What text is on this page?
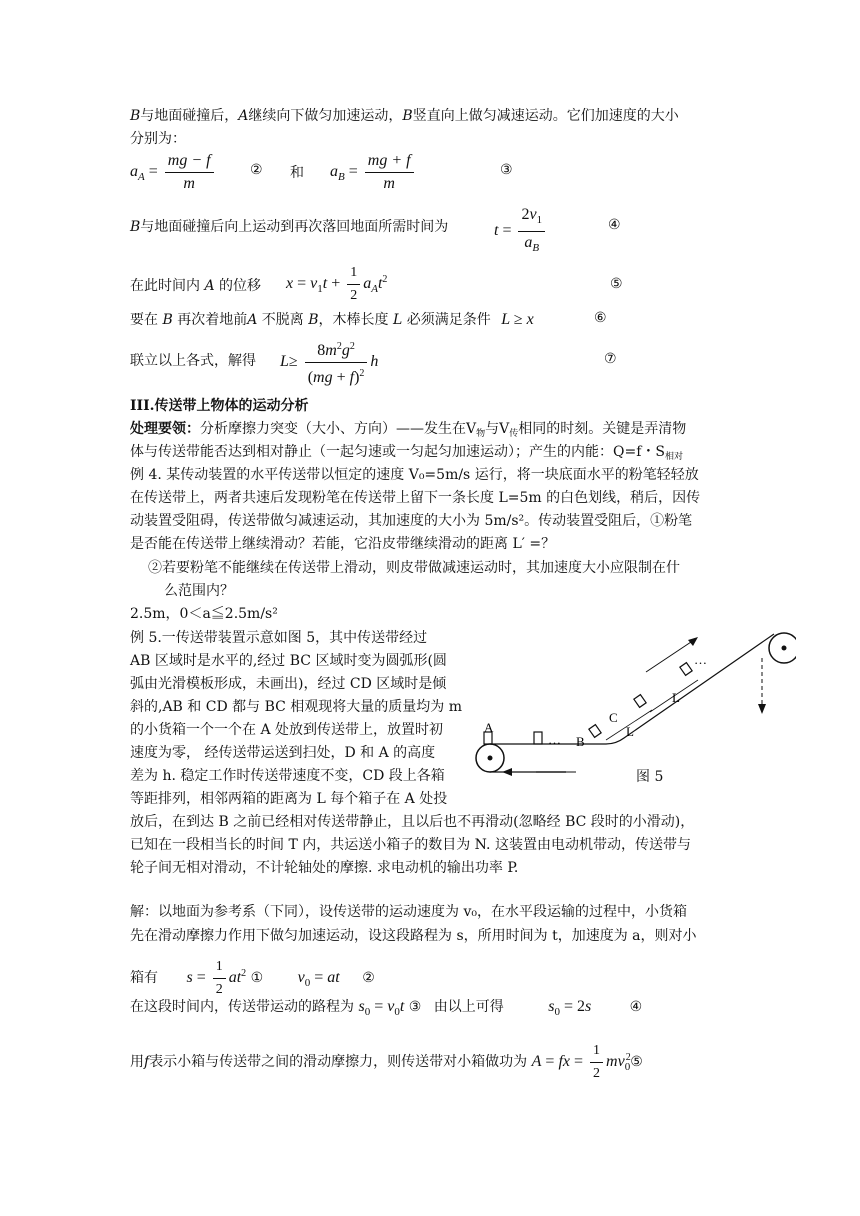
B与地面碰撞后，A继续向下做匀加速运动，B竖直向上做匀减速运动。它们加速度的大小
分别为：
$a_A = \frac{mg - f}{m}$	② 和 $a_B = \frac{mg + f}{m}$	③
B与地面碰撞后向上运动到再次落回地面所需时间为	$t = \frac{2v_1}{a_B}$	④
在此时间内 A 的位移 $x = v_1t + \frac{1}{2} a_At^2$	⑤
要在 B 再次着地前A 不脱离 B，木棒长度 L 必须满足条件 L ≥ x	⑥
联立以上各式，解得 $L\ge \frac{8m^2g^2}{(mg + f)^2}$ h	⑦
III.传送带上物体的运动分析
处理要领：分析摩擦力突变（大小、方向）——发生在$V_物$与$V_传$相同的时刻。关键是弄清物
体与传送带能否达到相对静止（一起匀速或一匀起匀加速运动）；产生的内能：Q=f・$S_{相对}$
例 4. 某传动装置的水平传送带以恒定的速度 V₀=5m/s 运行，将一块底面水平的粉笔轻轻放
在传送带上，两者共速后发现粉笔在传送带上留下一条长度 L=5m 的白色划线，稍后，因传
动装置受阻碍，传送带做匀减速运动，其加速度的大小为 5m/s²。传动装置受阻后，①粉笔
是否能在传送带上继续滑动？若能，它沿皮带继续滑动的距离 L′ =？
②若要粉笔不能继续在传送带上滑动，则皮带做减速运动时，其加速度大小应限制在什
么范围内？
2.5m，0＜a≦2.5m/s²
例 5.一传送带装置示意如图 5，其中传送带经过
AB 区域时是水平的,经过 BC 区域时变为圆弧形(圆
弧由光滑模板形成，未画出)，经过 CD 区域时是倾
斜的,AB 和 CD 都与 BC 相观现将大量的质量均为 m
的小货箱一个一个在 A 处放到传送带上，放置时初
速度为零， 经传送带运送到扫处，D 和 A 的高度
差为 h. 稳定工作时传送带速度不变，CD 段上各箱
等距排列，相邻两箱的距离为 L 每个箱子在 A 处投
放后，在到达 B 之前已经相对传送带静止，且以后也不再滑动(忽略经 BC 段时的小滑动)，
已知在一段相当长的时间 T 内，共运送小箱子的数目为 N. 这装置由电动机带动，传送带与
轮子间无相对滑动，不计轮轴处的摩擦. 求电动机的输出功率 P.
A
B
C
L
L
…
…
图 5
解：以地面为参考系（下同），设传送带的运动速度为 v₀，在水平段运输的过程中，小货箱
先在滑动摩擦力作用下做匀加速运动，设这段路程为 s，所用时间为 t，加速度为 a，则对小
箱有 $s = \frac{1}{2} at^2$ ① $v_0$ = at ②
在这段时间内，传送带运动的路程为 $s_0 = v_0t$ ③ 由以上可得	$s_0 = 2s$	④
用f表示小箱与传送带之间的滑动摩擦力，则传送带对小箱做功为 A = fx = $\frac{1}{2}$ $mv^2_0⑤$
